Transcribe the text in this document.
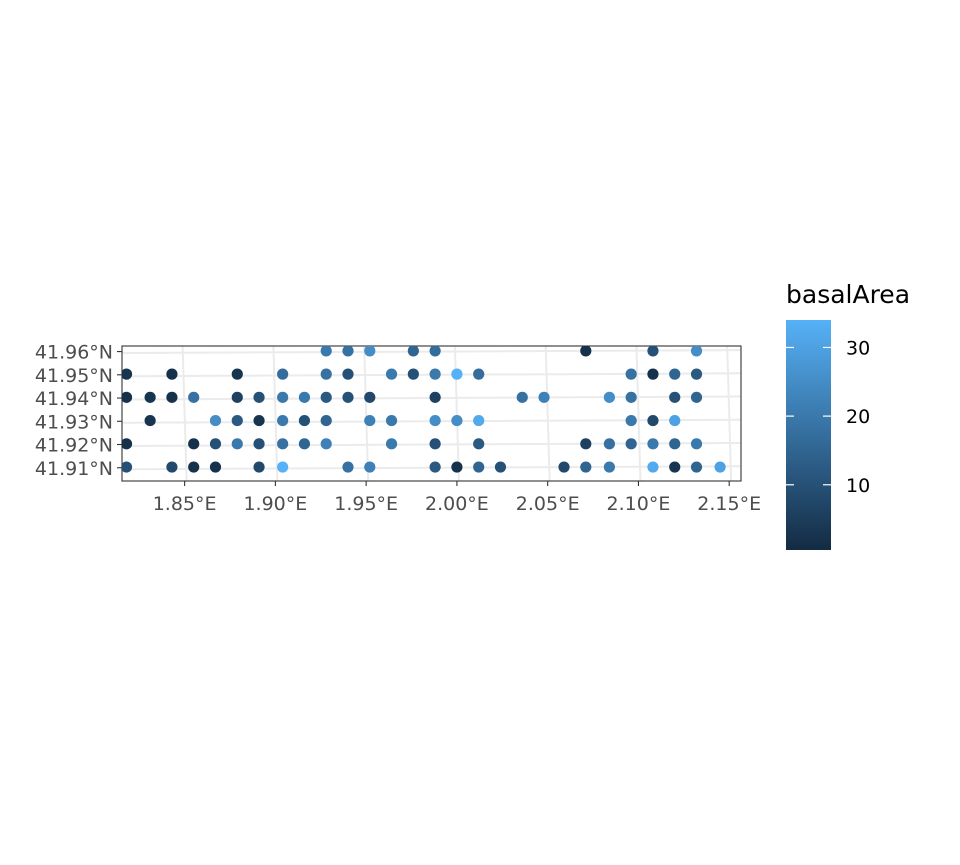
41.91°N
41.92°N
41.93°N
41.94°N
41.95°N
41.96°N
1.85°E 1.90°E 1.95°E 2.00°E 2.05°E 2.10°E 2.15°E
basalArea
10
20
30
